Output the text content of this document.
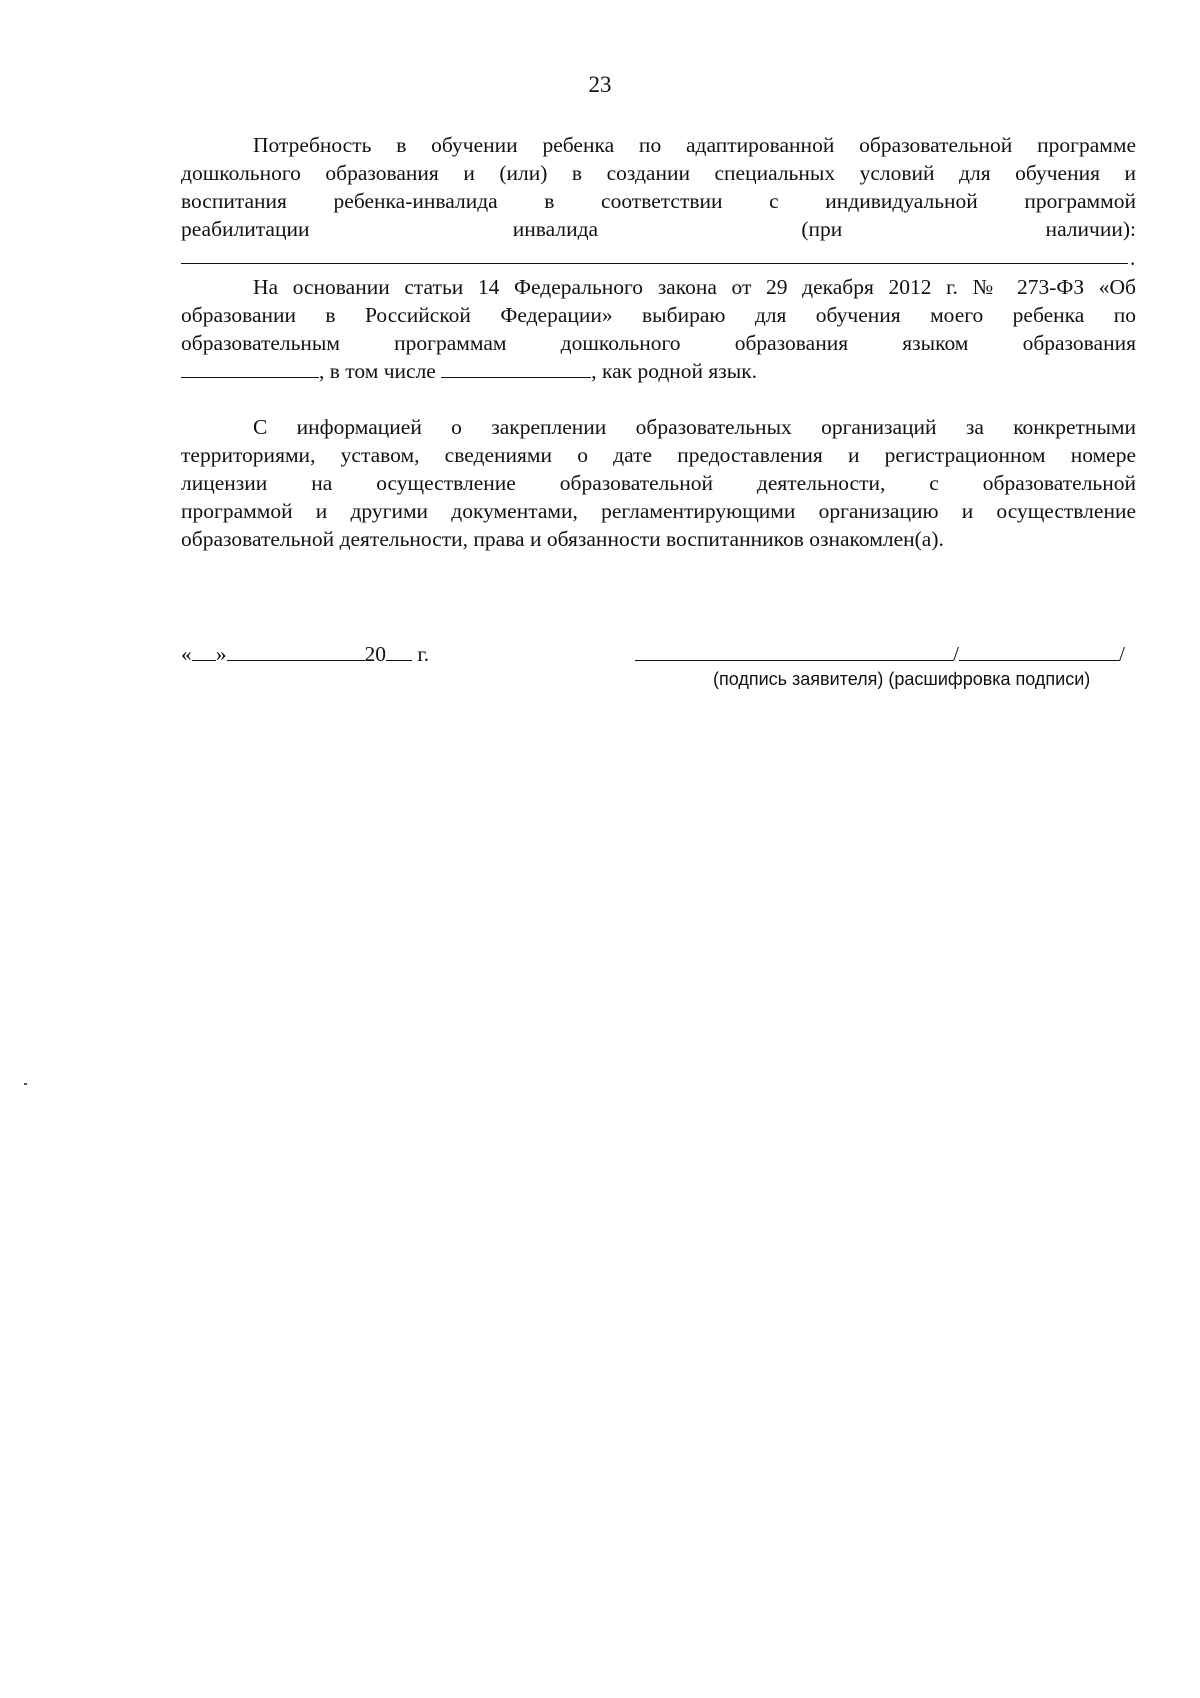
23
Потребность в обучении ребенка по адаптированной образовательной программе
дошкольного образования и (или) в создании специальных условий для обучения и
воспитания ребенка-инвалида в соответствии с индивидуальной программой
реабилитации инвалида (при наличии):
.
На основании статьи 14 Федерального закона от 29 декабря 2012 г. № 273-ФЗ «Об
образовании в Российской Федерации» выбираю для обучения моего ребенка по
образовательным программам дошкольного образования языком образования
, в том числе	, как родной язык.
С информацией о закреплении образовательных организаций за конкретными
территориями, уставом, сведениями о дате предоставления и регистрационном номере
лицензии на осуществление образовательной деятельности, с образовательной
программой и другими документами, регламентирующими организацию и осуществление
образовательной деятельности, права и обязанности воспитанников ознакомлен(а).
« »	20 г.	/	/
(подпись заявителя) (расшифровка подписи)
